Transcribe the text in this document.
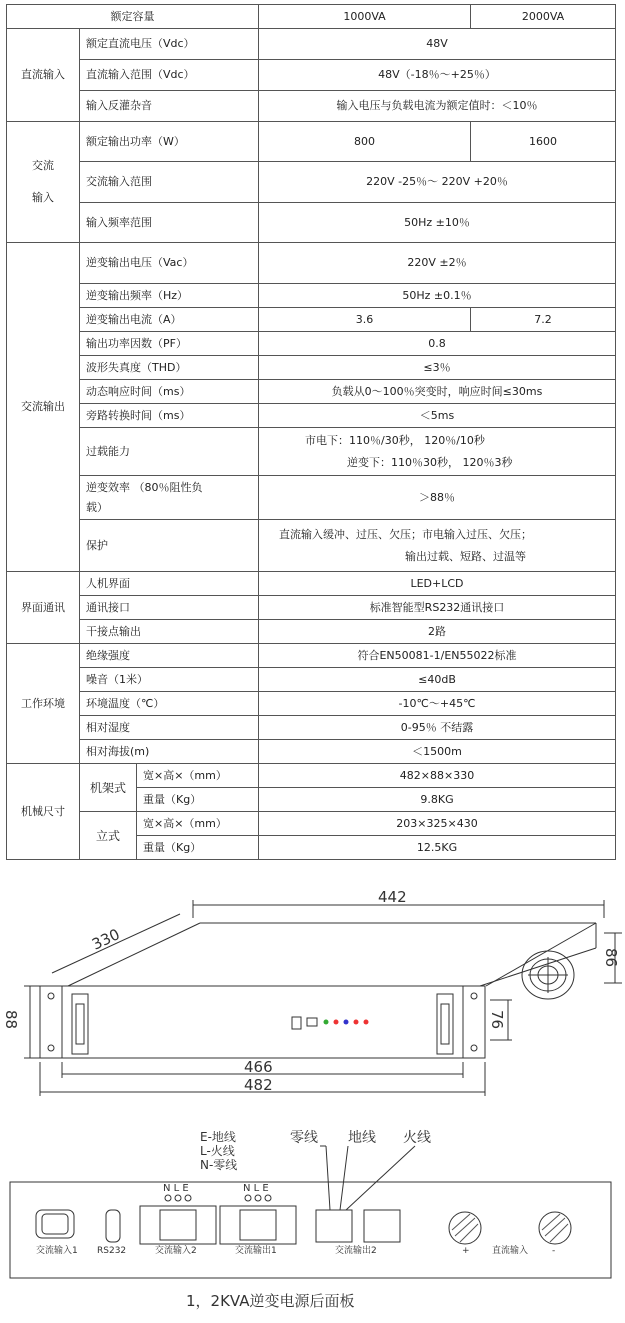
额定容量			1000VA	2000VA
直流输入	额定直流电压（Vdc）		48V	
	直流输入范围（Vdc）		48V（-18％～+25％）	
	输入反灌杂音		输入电压与负载电流为额定值时：＜10％	
交流

输入	额定输出功率（W）		800	1600
	交流输入范围		220V -25％～ 220V +20％	
	输入频率范围		50Hz ±10％	
交流输出	逆变输出电压（Vac）		220V ±2％	
	逆变输出频率（Hz）		50Hz ±0.1％	
	逆变输出电流（A）		3.6	7.2
	输出功率因数（PF）		0.8	
	波形失真度（THD）		≤3％	
	动态响应时间（ms）		负载从0～100％突变时，响应时间≤30ms	
	旁路转换时间（ms）		＜5ms	
	过载能力		市电下：110％/30秒， 120％/10秒
逆变下：110％30秒， 120％3秒	

	逆变效率 （80％阻性负
载）		＞88％	
	保护		直流输入缓冲、过压、欠压；市电输入过压、欠压；
输出过载、短路、过温等	

界面通讯	人机界面		LED+LCD	
	通讯接口		标准智能型RS232通讯接口	
	干接点输出		2路	
工作环境	绝缘强度		符合EN50081-1/EN55022标准	
	噪音（1米）		≤40dB	
	环境温度（℃）		-10℃～+45℃	
	相对湿度		0-95％ 不结露	
	相对海拔(m)		＜1500m	
机械尺寸	机架式	宽×高×（mm）	482×88×330	
		重量（Kg）	9.8KG	
	立式	宽×高×（mm）	203×325×430	
		重量（Kg）	12.5KG	
442
330
86
88	76
466
482
E-地线
L-火线
N-零线
零线 地线 火线
N L E	N L E
交流输入1 RS232	交流输入2	交流输出1	交流输出2	+ 直流输入	-
1，2KVA逆变电源后面板
